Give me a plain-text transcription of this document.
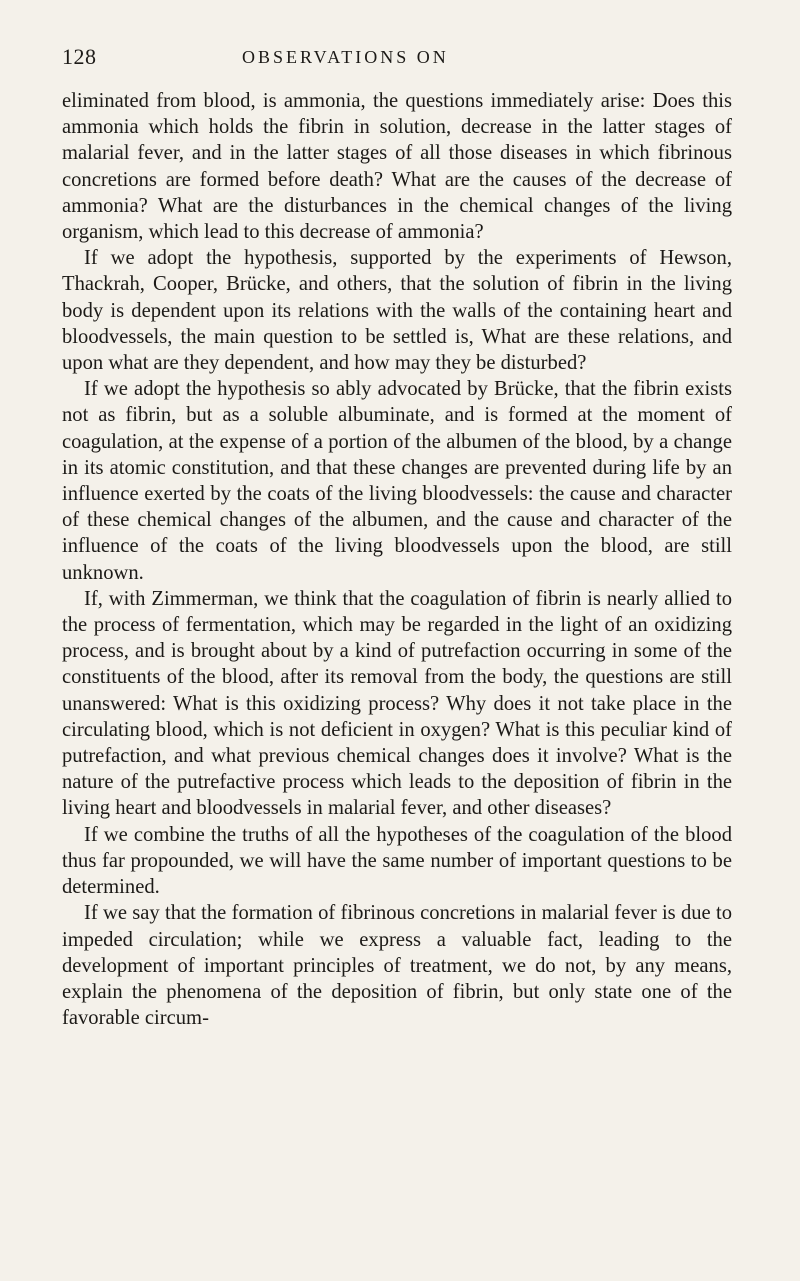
128	OBSERVATIONS ON

eliminated from blood, is ammonia, the questions immediately arise: Does this ammonia which holds the fibrin in solution, decrease in the latter stages of malarial fever, and in the latter stages of all those diseases in which fibrinous concretions are formed before death? What are the causes of the decrease of ammonia? What are the disturbances in the chemical changes of the living organism, which lead to this decrease of ammonia?

If we adopt the hypothesis, supported by the experiments of Hewson, Thackrah, Cooper, Brücke, and others, that the solution of fibrin in the living body is dependent upon its relations with the walls of the containing heart and bloodvessels, the main question to be settled is, What are these relations, and upon what are they dependent, and how may they be disturbed?

If we adopt the hypothesis so ably advocated by Brücke, that the fibrin exists not as fibrin, but as a soluble albuminate, and is formed at the moment of coagulation, at the expense of a portion of the albumen of the blood, by a change in its atomic constitution, and that these changes are prevented during life by an influence exerted by the coats of the living bloodvessels: the cause and character of these chemical changes of the albumen, and the cause and character of the influence of the coats of the living bloodvessels upon the blood, are still unknown.

If, with Zimmerman, we think that the coagulation of fibrin is nearly allied to the process of fermentation, which may be regarded in the light of an oxidizing process, and is brought about by a kind of putrefaction occurring in some of the constituents of the blood, after its removal from the body, the questions are still unanswered: What is this oxidizing process? Why does it not take place in the circulating blood, which is not deficient in oxygen? What is this peculiar kind of putrefaction, and what previous chemical changes does it involve? What is the nature of the putrefactive process which leads to the deposition of fibrin in the living heart and bloodvessels in malarial fever, and other diseases?

If we combine the truths of all the hypotheses of the coagulation of the blood thus far propounded, we will have the same number of important questions to be determined.

If we say that the formation of fibrinous concretions in malarial fever is due to impeded circulation; while we express a valuable fact, leading to the development of important principles of treatment, we do not, by any means, explain the phenomena of the deposition of fibrin, but only state one of the favorable circum-
